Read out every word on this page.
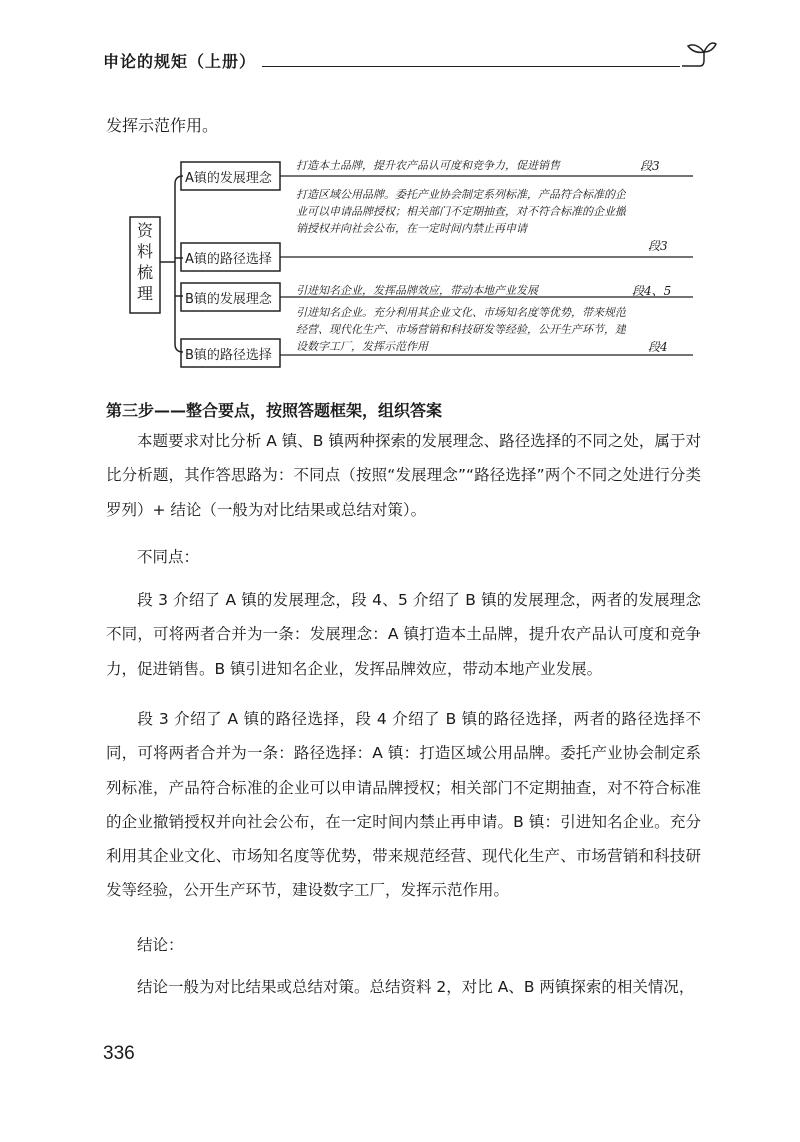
申论的规矩（上册）
发挥示范作用。
资料梳理
A镇的发展理念
A镇的路径选择
B镇的发展理念
B镇的路径选择
打造本土品牌，提升农产品认可度和竞争力，促进销售
打造区域公用品牌。委托产业协会制定系列标准，产品符合标准的企业可以申请品牌授权；相关部门不定期抽查，对不符合标准的企业撤销授权并向社会公布，在一定时间内禁止再申请
引进知名企业，发挥品牌效应，带动本地产业发展
引进知名企业。充分利用其企业文化、市场知名度等优势，带来规范经营、现代化生产、市场营销和科技研发等经验，公开生产环节，建设数字工厂，发挥示范作用
段3
段3
段4、5
段4
第三步——整合要点，按照答题框架，组织答案
本题要求对比分析 A 镇、B 镇两种探索的发展理念、路径选择的不同之处，属于对比分析题，其作答思路为：不同点（按照“发展理念”“路径选择”两个不同之处进行分类罗列）+ 结论（一般为对比结果或总结对策）。
不同点：
段 3 介绍了 A 镇的发展理念，段 4、5 介绍了 B 镇的发展理念，两者的发展理念不同，可将两者合并为一条：发展理念：A 镇打造本土品牌，提升农产品认可度和竞争力，促进销售。B 镇引进知名企业，发挥品牌效应，带动本地产业发展。
段 3 介绍了 A 镇的路径选择，段 4 介绍了 B 镇的路径选择，两者的路径选择不同，可将两者合并为一条：路径选择：A 镇：打造区域公用品牌。委托产业协会制定系列标准，产品符合标准的企业可以申请品牌授权；相关部门不定期抽查，对不符合标准的企业撤销授权并向社会公布，在一定时间内禁止再申请。B 镇：引进知名企业。充分利用其企业文化、市场知名度等优势，带来规范经营、现代化生产、市场营销和科技研发等经验，公开生产环节，建设数字工厂，发挥示范作用。
结论：
结论一般为对比结果或总结对策。总结资料 2，对比 A、B 两镇探索的相关情况，
336
